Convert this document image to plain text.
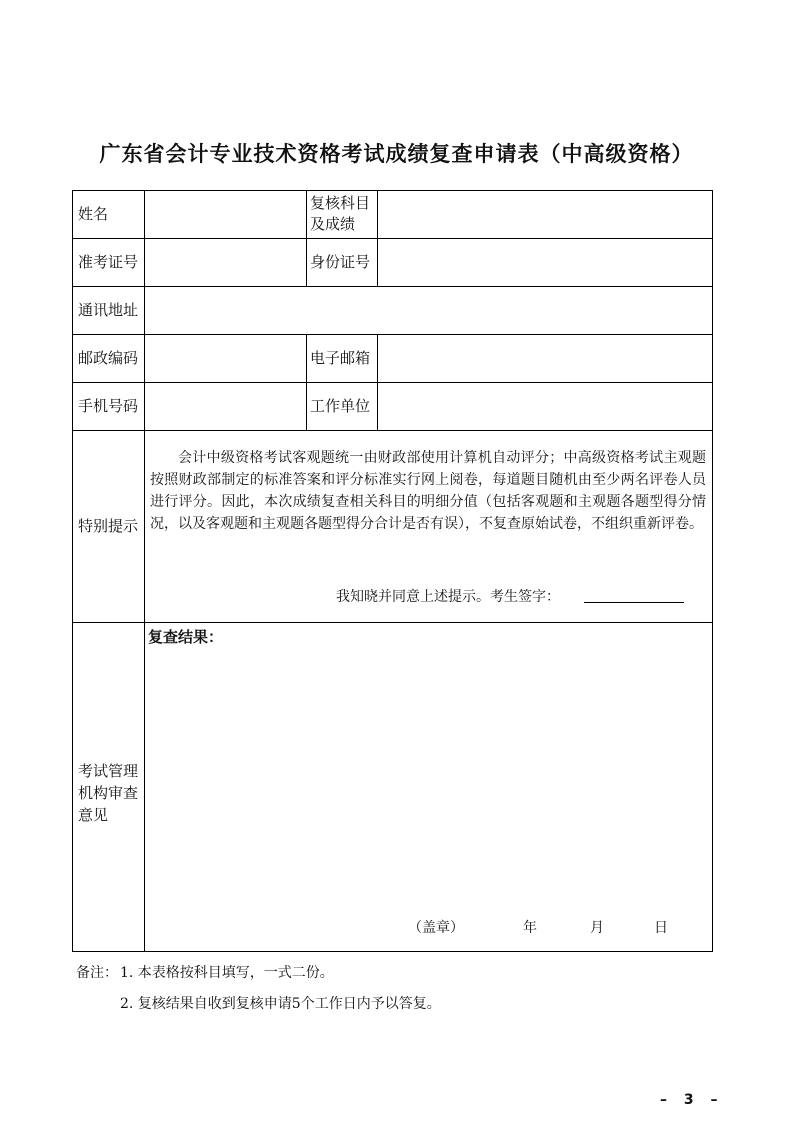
广东省会计专业技术资格考试成绩复查申请表（中高级资格）
姓名
复核科目
及成绩
准考证号	身份证号
通讯地址
邮政编码	电子邮箱
手机号码	工作单位
特别提示
会计中级资格考试客观题统一由财政部使用计算机自动评分；中高级资格考试主观题按照财政部制定的标准答案和评分标准实行网上阅卷，每道题目随机由至少两名评卷人员进行评分。因此，本次成绩复查相关科目的明细分值（包括客观题和主观题各题型得分情况，以及客观题和主观题各题型得分合计是否有误），不复查原始试卷，不组织重新评卷。
我知晓并同意上述提示。考生签字：
考试管理
机构审查
意见
复查结果：
（盖章）	年	月	日
备注： 1. 本表格按科目填写，一式二份。
2. 复核结果自收到复核申请5个工作日内予以答复。
– 3 –
